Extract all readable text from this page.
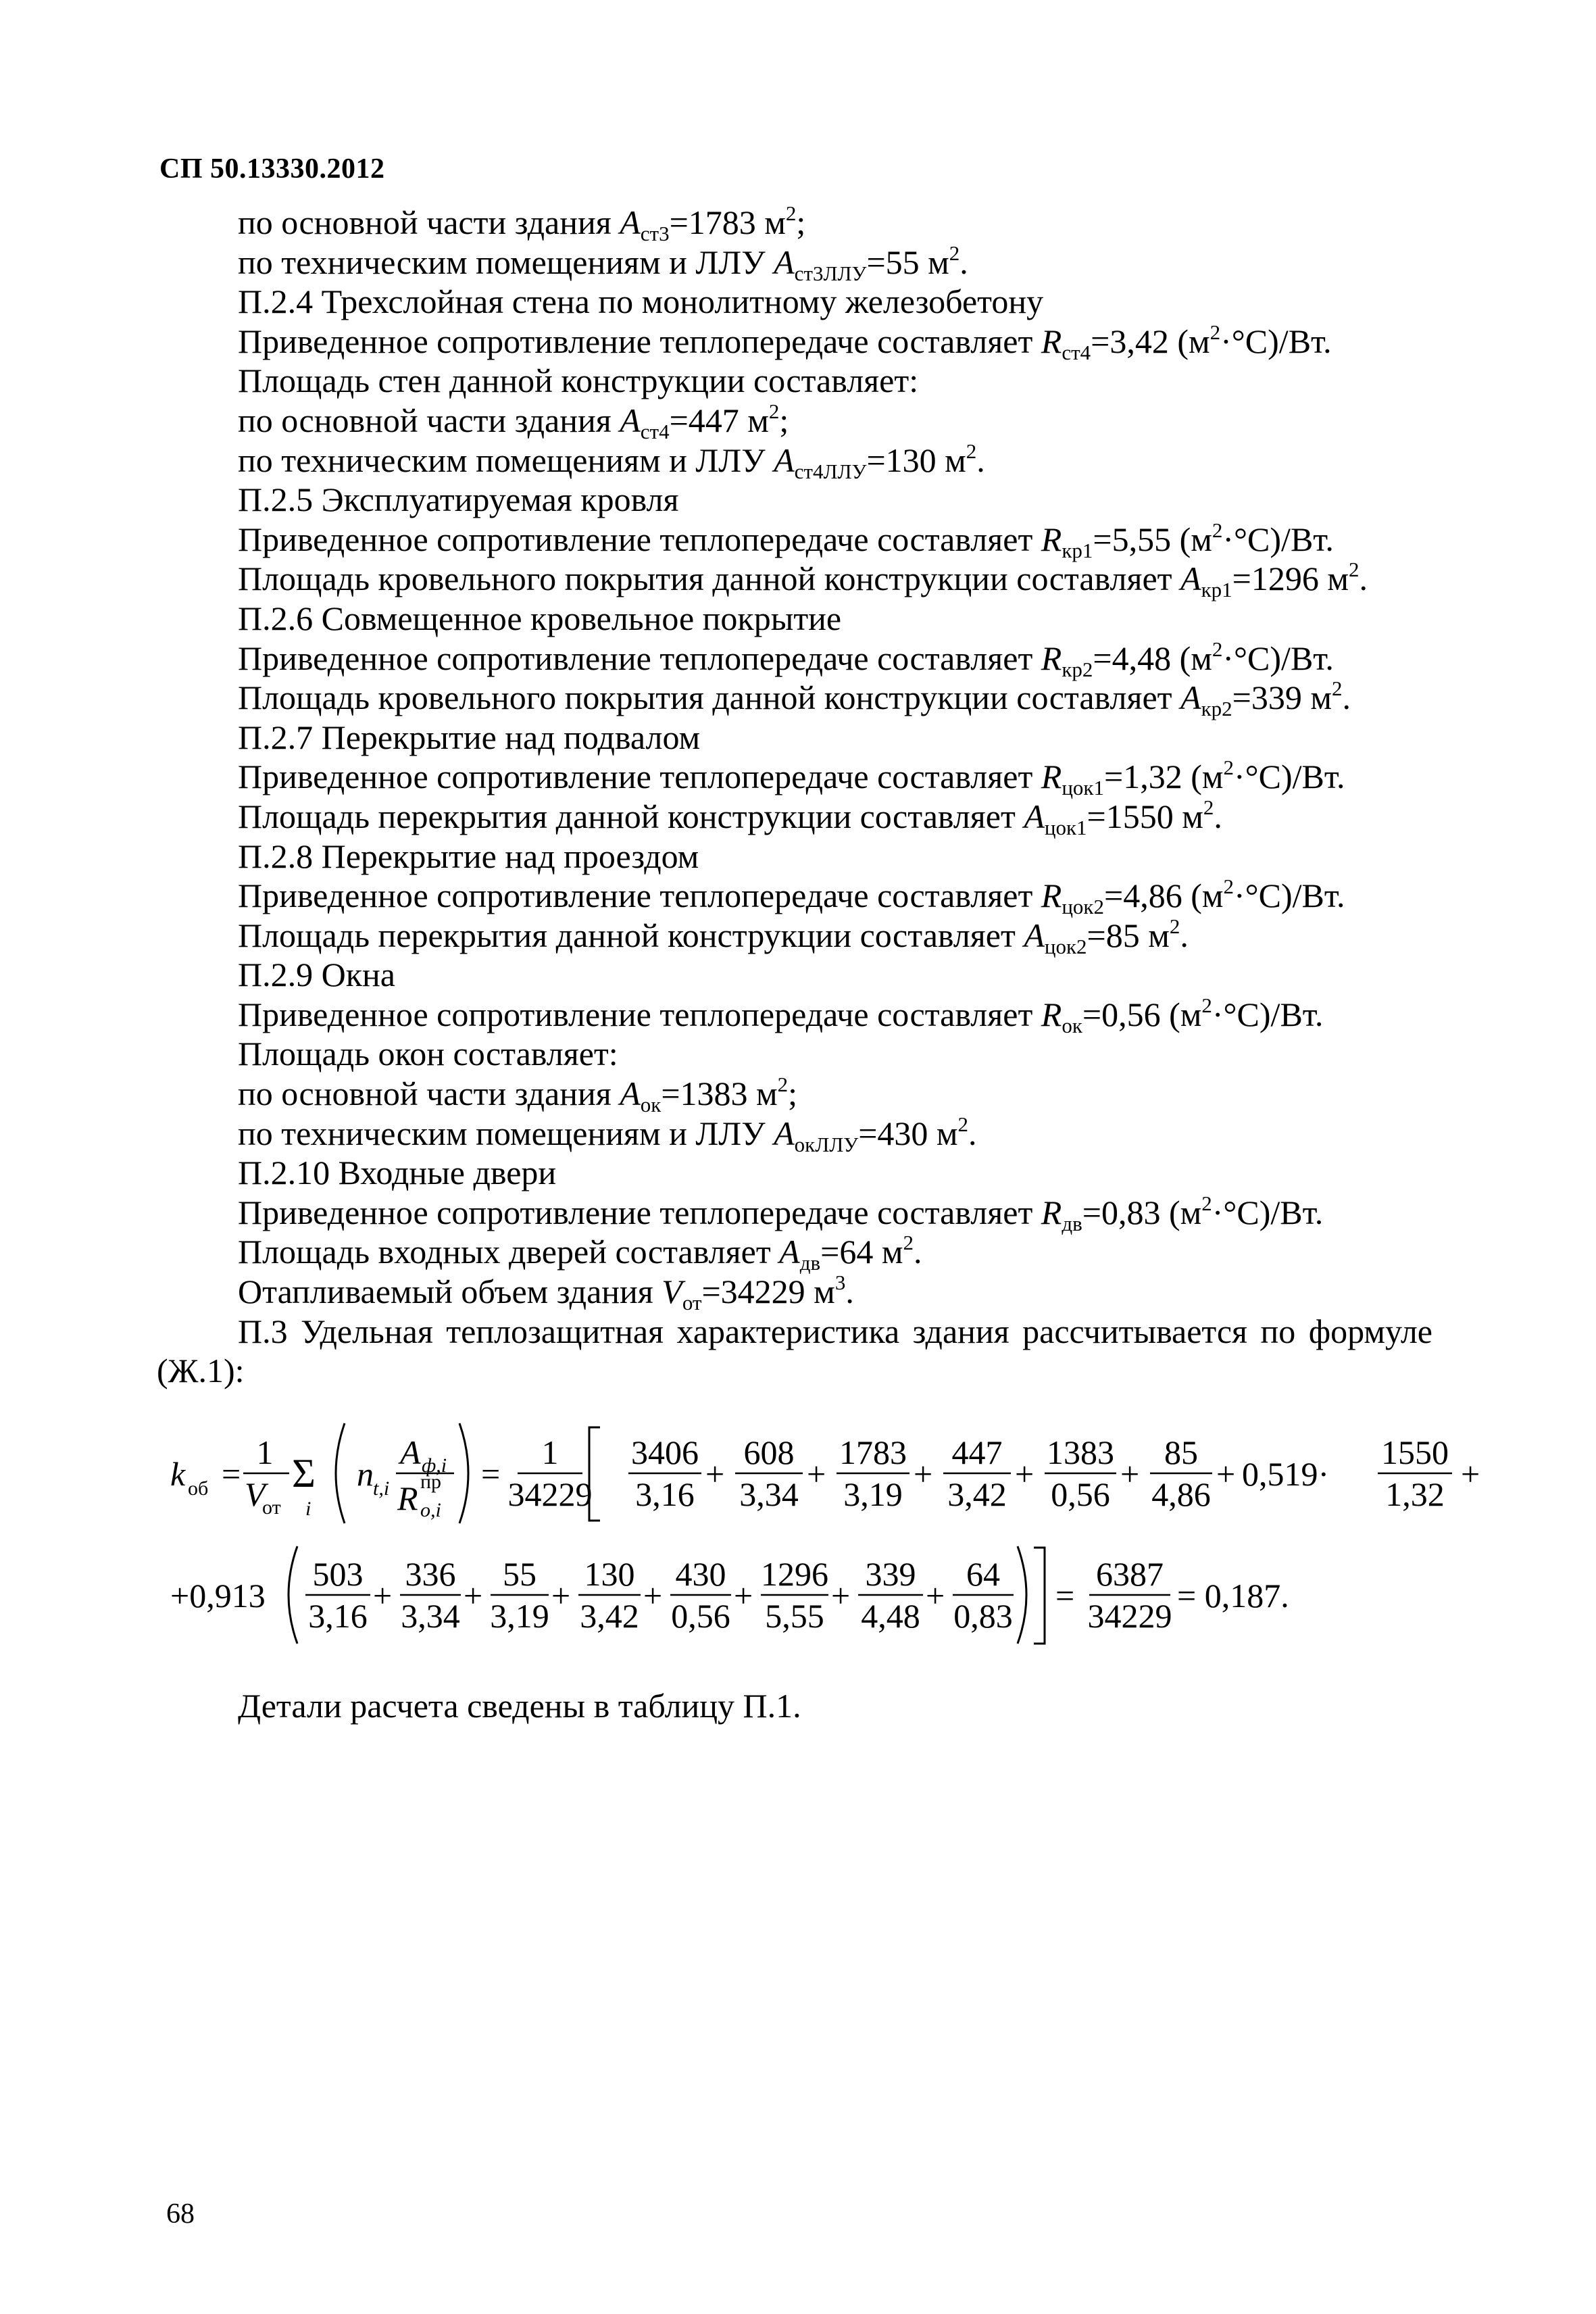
СП 50.13330.2012
по основной части здания $A_{ст3}=1783$ $м^2$;
по техническим помещениям и ЛЛУ $A_{ст3ЛЛУ}=55$ $м^2$.
П.2.4 Трехслойная стена по монолитному железобетону
Приведенное сопротивление теплопередаче составляет $R_{ст4}=3,42$ $(м^2\cdot^\circ С)/Вт$.
Площадь стен данной конструкции составляет:
по основной части здания $A_{ст4}=447$ $м^2$;
по техническим помещениям и ЛЛУ $A_{ст4ЛЛУ}=130$ $м^2$.
П.2.5 Эксплуатируемая кровля
Приведенное сопротивление теплопередаче составляет $R_{кр1}=5,55$ $(м^2\cdot^\circ С)/Вт$.
Площадь кровельного покрытия данной конструкции составляет $A_{кр1}=1296$ $м^2$.
П.2.6 Совмещенное кровельное покрытие
Приведенное сопротивление теплопередаче составляет $R_{кр2}=4,48$ $(м^2\cdot^\circ С)/Вт$.
Площадь кровельного покрытия данной конструкции составляет $A_{кр2}=339$ $м^2$.
П.2.7 Перекрытие над подвалом
Приведенное сопротивление теплопередаче составляет $R_{цок1}=1,32$ $(м^2\cdot^\circ С)/Вт$.
Площадь перекрытия данной конструкции составляет $A_{цок1}=1550$ $м^2$.
П.2.8 Перекрытие над проездом
Приведенное сопротивление теплопередаче составляет $R_{цок2}=4,86$ $(м^2\cdot^\circ С)/Вт$.
Площадь перекрытия данной конструкции составляет $A_{цок2}=85$ $м^2$.
П.2.9 Окна
Приведенное сопротивление теплопередаче составляет $R_{ок}=0,56$ $(м^2\cdot^\circ С)/Вт$.
Площадь окон составляет:
по основной части здания $A_{ок}=1383$ $м^2$;
по техническим помещениям и ЛЛУ $A_{окЛЛУ}=430$ $м^2$.
П.2.10 Входные двери
Приведенное сопротивление теплопередаче составляет $R_{дв}=0,83$ $(м^2\cdot^\circ С)/Вт$.
Площадь входных дверей составляет $A_{дв}=64$ $м^2$.
Отапливаемый объем здания $V_{от}=34229$ $м^3$.
П.3 Удельная теплозащитная характеристика здания рассчитывается по формуле
(Ж.1):
k об =
1
V
от
Σ
i
n t,i
A ф,i
R пр
о,i
=
1
34229
3406
3,16
+
608
3,34
+
1783
3,19
+
447
3,42
+
1383
0,56
+
85
4,86
+ 0,519·
1550
1,32
+
+0,913
503
3,16
+
336
3,34
+
55
3,19
+
130
3,42
+
430
0,56
+
1296
5,55
+
339
4,48
+
64
0,83
=
6387
34229
= 0,187.
Детали расчета сведены в таблицу П.1.
68
